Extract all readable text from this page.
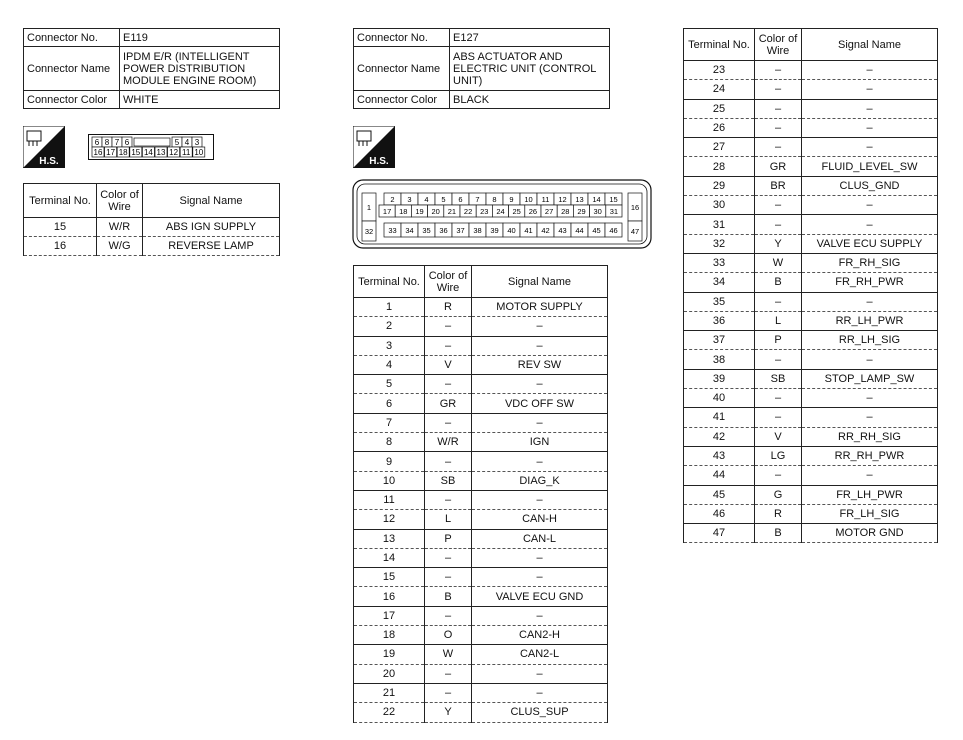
Connector No.	E119
Connector Name	IPDM E/R (INTELLIGENT POWER DISTRIBUTION MODULE ENGINE ROOM)
Connector Color	WHITE
H.S.
6 8 7 6	5 4 3
16 17 18 15 14 13 12 11 10
Terminal No.	Color of Wire	Signal Name
15	W/R	ABS IGN SUPPLY
16	W/G	REVERSE LAMP
Connector No.	E127
Connector Name	ABS ACTUATOR AND ELECTRIC UNIT (CONTROL UNIT)
Connector Color	BLACK
H.S.
1
32
16
47
2 3 4 5 6 7 8 9 10 11 12 13 14 15
17 18 19 20 21 22 23 24 25 26 27 28 29 30 31
33 34 35 36 37 38 39 40 41 42 43 44 45 46
Terminal No.	Color of Wire	Signal Name
1	R	MOTOR SUPPLY
2	–	–
3	–	–
4	V	REV SW
5	–	–
6	GR	VDC OFF SW
7	–	–
8	W/R	IGN
9	–	–
10	SB	DIAG_K
11	–	–
12	L	CAN-H
13	P	CAN-L
14	–	–
15	–	–
16	B	VALVE ECU GND
17	–	–
18	O	CAN2-H
19	W	CAN2-L
20	–	–
21	–	–
22	Y	CLUS_SUP
Terminal No.	Color of Wire	Signal Name
23	–	–
24	–	–
25	–	–
26	–	–
27	–	–
28	GR	FLUID_LEVEL_SW
29	BR	CLUS_GND
30	–	–
31	–	–
32	Y	VALVE ECU SUPPLY
33	W	FR_RH_SIG
34	B	FR_RH_PWR
35	–	–
36	L	RR_LH_PWR
37	P	RR_LH_SIG
38	–	–
39	SB	STOP_LAMP_SW
40	–	–
41	–	–
42	V	RR_RH_SIG
43	LG	RR_RH_PWR
44	–	–
45	G	FR_LH_PWR
46	R	FR_LH_SIG
47	B	MOTOR GND
